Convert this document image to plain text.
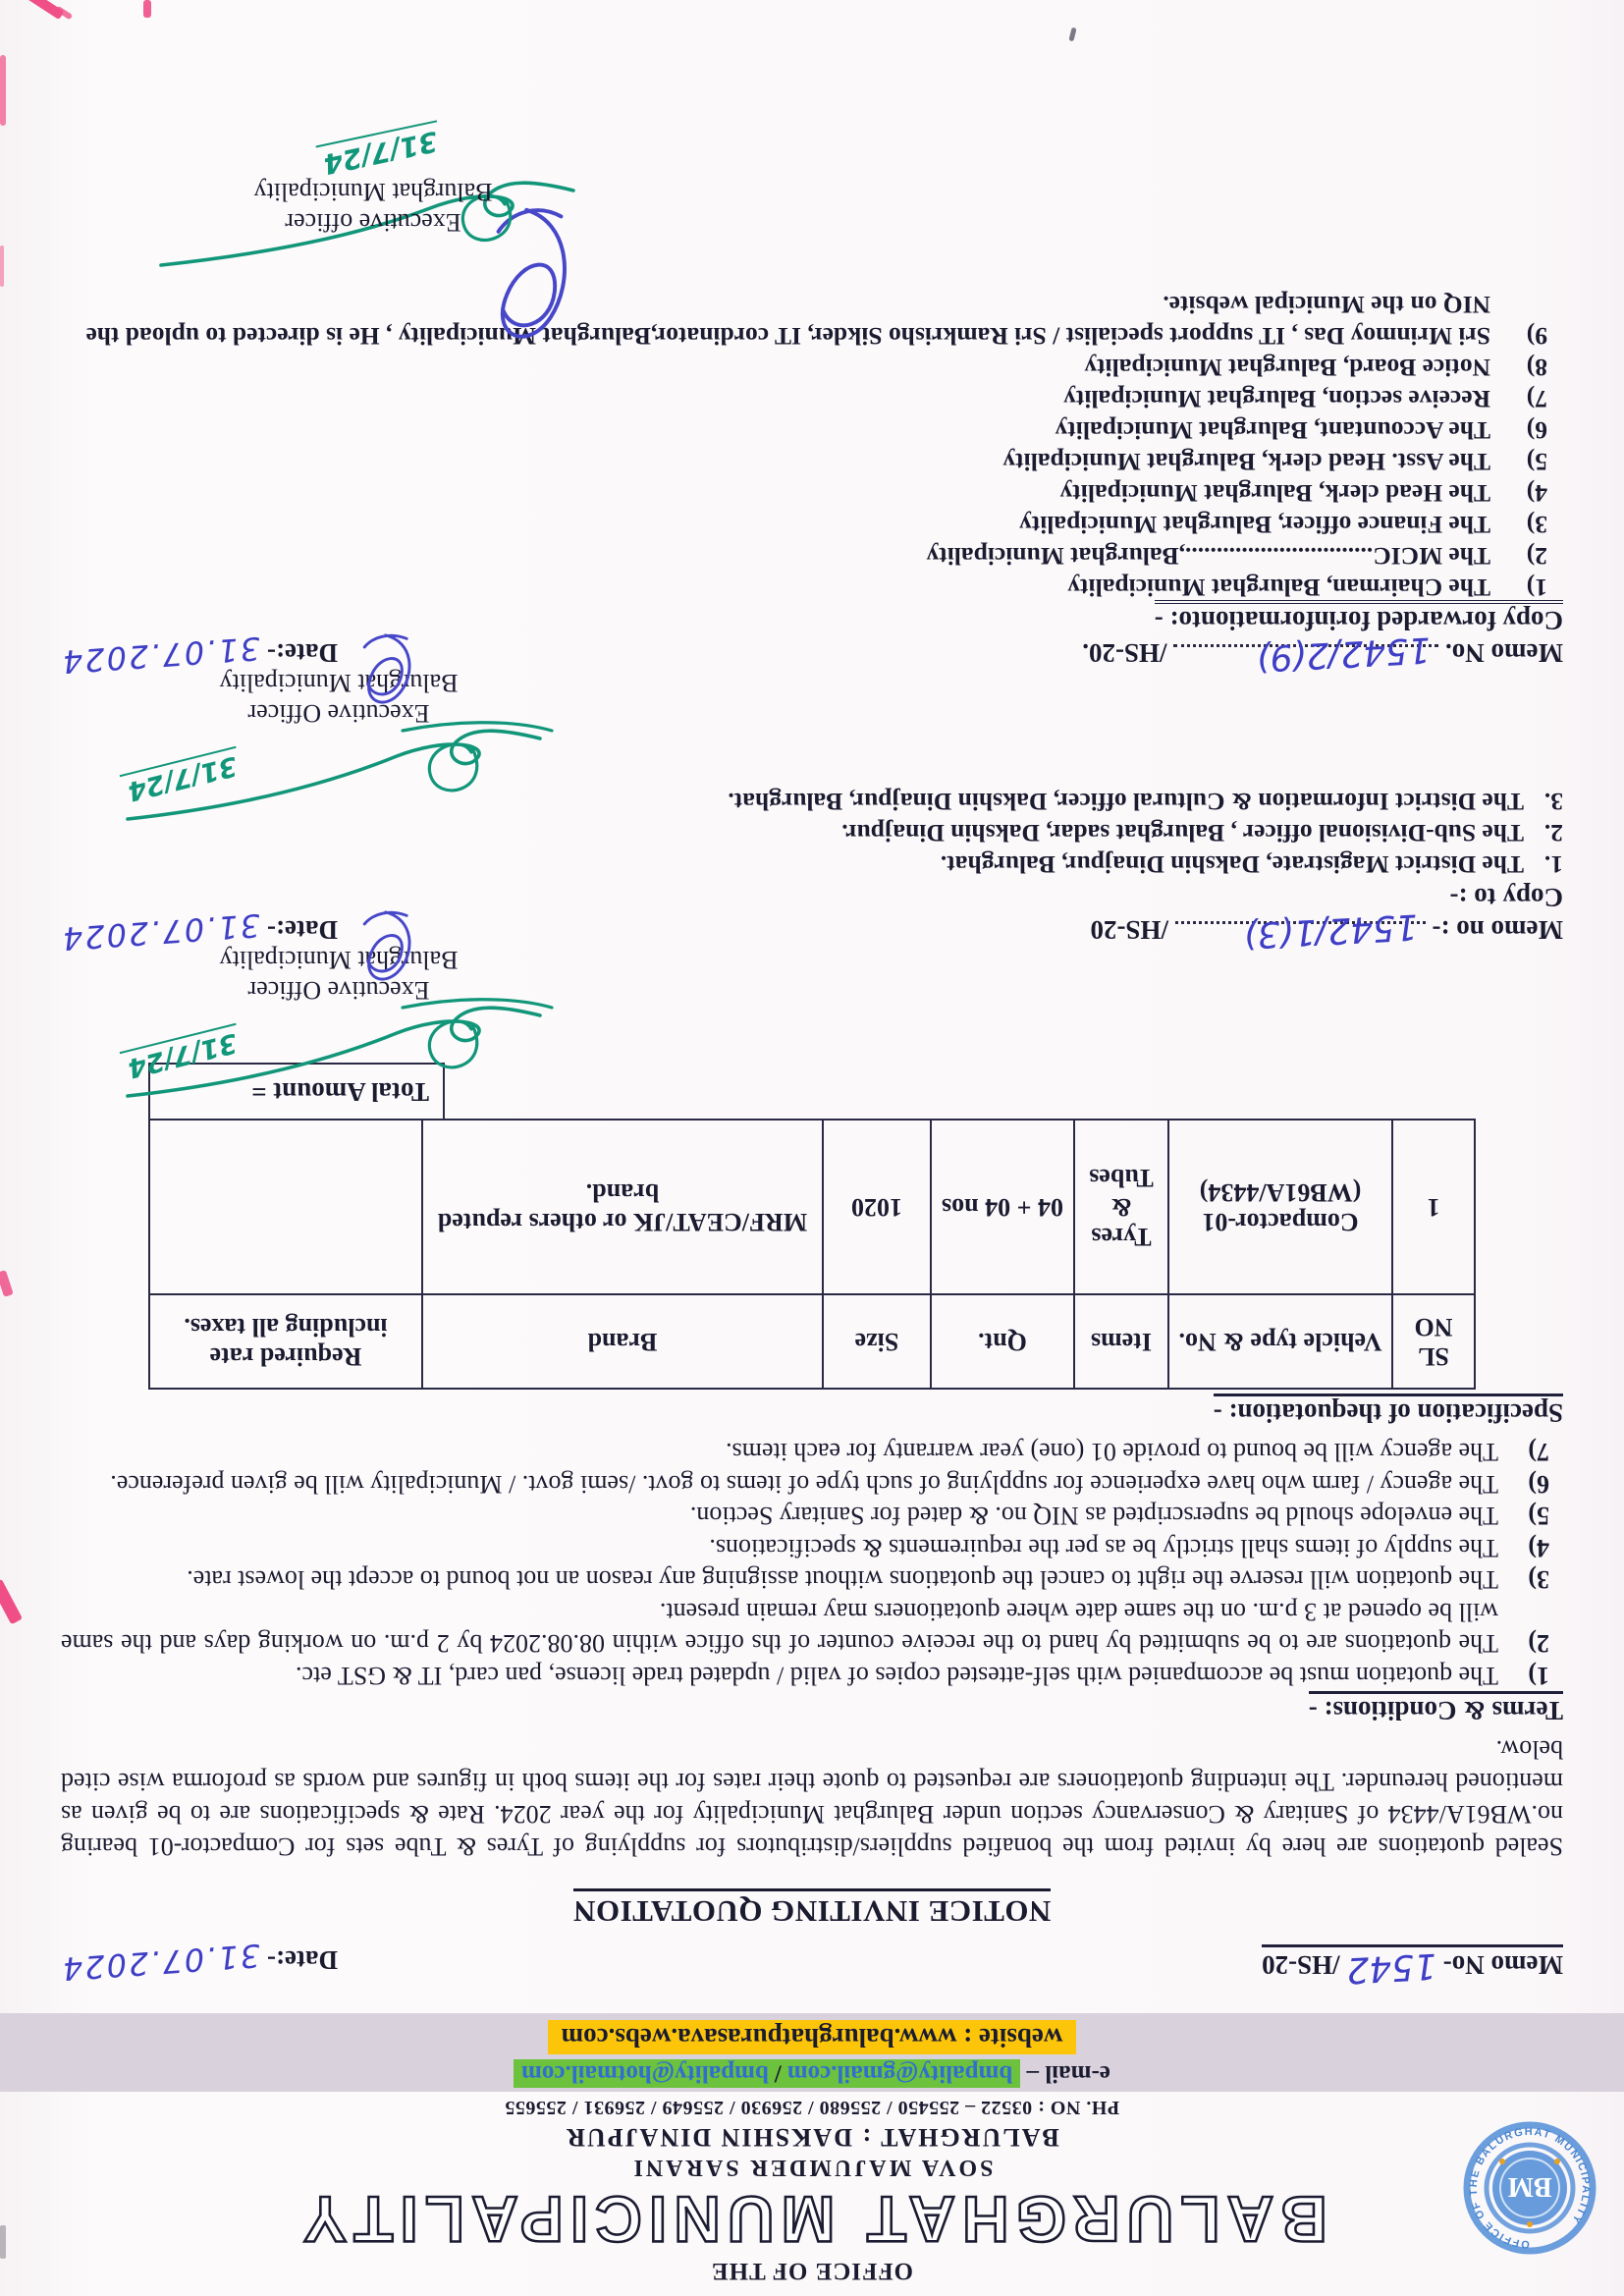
OFFICE OF THE BALURGHAT MUNICIPALITY
BM

OFFICE OF THE

BALURGHAT MUNICIPALITY

SOVA MAJUMDER SARANI

BALURGHAT : DAKSHIN DINAJPUR

PH. NO : 03522 – 255450 / 255680 / 256930 / 255649 / 256931 / 255655

e-mail – bmpality@gmail.com/bmpality@hotmail.com

website : www.balurghatpurasava.webs.com
Memo No- 1542 /HS-20
Date:- 31.07.2024

NOTICE INVITING QUOTATION

Sealed quotations are here by invited from the bonafied suppliers/distributors for supplying of Tyres & Tube sets for Compactor-01 bearing no.WB61A/4434 of Sanitary & Conservancy section under Balurghat Municipality for the year 2024. Rate & specifications are to be given as mentioned hereunder. The intending quotationers are requested to quote their rates for the items both in figures and words as proforma wise cited below.

Terms & Conditions: -

1)
The quotation must be accompanied with self-attested copies of valid / updated trade license, pan card, IT & GST etc.
2)
The quotations are to be submitted by hand to the receive counter of ths office within 08.08.2024 by 2 p.m. on working days and the same will be opened at 3 p.m. on the same date where quotationers may remain present.
3)
The quotation will reserve the right to cancel the quotations without assigning any reason an not bound to accept the lowest rate.
4)
The supply of items shall strictly be as per the requirements & specifications.
5)
The envelope should be superscripted as NIQ no. & dated for Sanitary Section.
6)
The agency / farm who have experience for supplying of such type of items to govt. /semi govt. / Municipality will be given preference.
7)
The agency will be bound to provide 01 (one) year warranty for each items.

Specification of thequotation: -

SL NO	Vehicle type & No.	Items	Qnt.	Size	Brand	Required rate including all taxes.
1	Compactor-01 (WB61A/4434)	Tyres & Tubes	04 + 04 nos	1020	MRF/CEAT/JK or others reputed brand.	
Total Amount =
31/7/24

Executive Officer

Balurghat Municipality

Memo no :-
1542/1(3)
/HS-20
Date:- 31.07.2024

Copy to :-

1.
The District Magistrate, Dakshin Dinajpur, Balurghat.
2.
The Sub-Divisional officer , Balurghat sadar, Dakshin Dinajpur.
3.
The District Information & Cultural officer, Dakshin Dinajpur, Balurghat.
31/7/24

Executive Officer

Balurghat Municipality

Memo No.
1542/2(9)
/HS-20.
Date:- 31.07.2024

Copy forwarded forinformationto: -

1)
The Chairman, Balurghat Municipality
2)
The MCIC..............................,Balurghat Municipality
3)
The Finance officer, Balurghat Municipality
4)
The Head clerk, Balurghat Municipality
5)
The Asst. Head clerk, Balurghat Municipality
6)
The Accountant, Balurghat Municipality
7)
Receive section, Balurghat Municipality
8)
Notice Board, Balurghat Municipality
9)
Sri Mrinmoy Das , IT support specialist / Sri Ramkrisho Sikder, IT cordinator,Balurghat Municipality , He is directed to upload the NIQ on the Municipal website.

Executive officer

Balurghat Municipality

31/7/24
